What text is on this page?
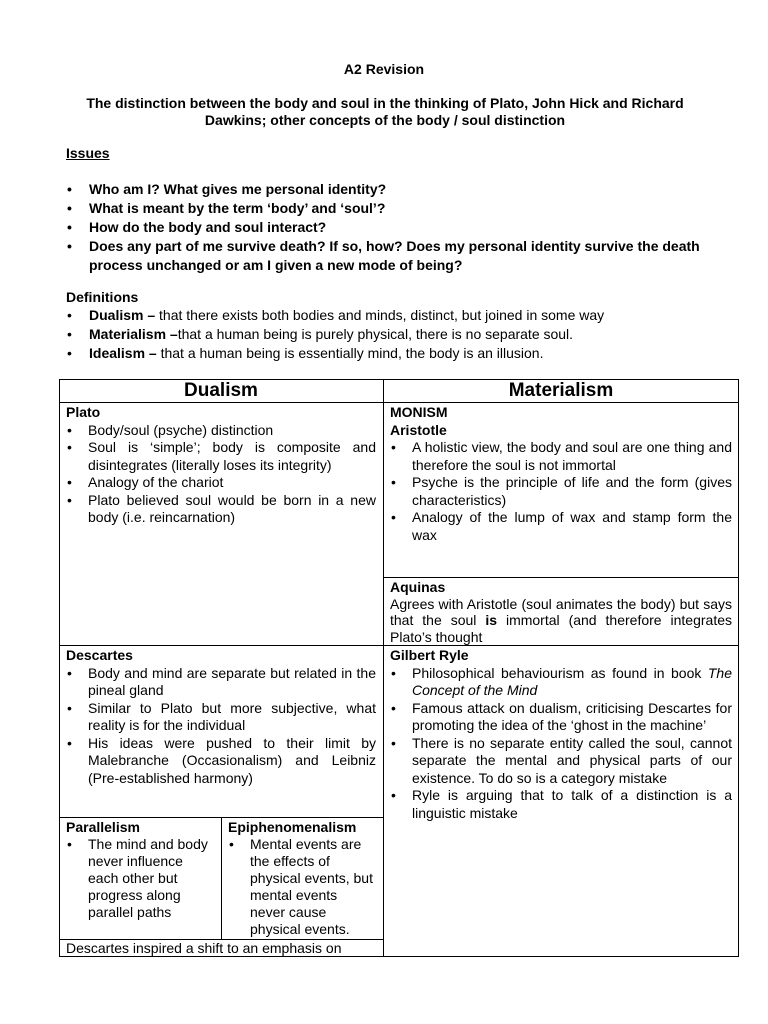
A2 Revision
The distinction between the body and soul in the thinking of Plato, John Hick and Richard Dawkins; other concepts of the body / soul distinction
Issues
• Who am I? What gives me personal identity?
• What is meant by the term ‘body’ and ‘soul’?
• How do the body and soul interact?
• Does any part of me survive death? If so, how? Does my personal identity survive the death process unchanged or am I given a new mode of being?
Definitions
• Dualism – that there exists both bodies and minds, distinct, but joined in some way
• Materialism –that a human being is purely physical, there is no separate soul.
• Idealism – that a human being is essentially mind, the body is an illusion.
Dualism	Materialism
Plato
• Body/soul (psyche) distinction
• Soul is ‘simple’; body is composite and disintegrates (literally loses its integrity)
• Analogy of the chariot
• Plato believed soul would be born in a new body (i.e. reincarnation)
MONISM
Aristotle
• A holistic view, the body and soul are one thing and therefore the soul is not immortal
• Psyche is the principle of life and the form (gives characteristics)
• Analogy of the lump of wax and stamp form the wax
Aquinas
Agrees with Aristotle (soul animates the body) but says that the soul is immortal (and therefore integrates Plato’s thought
Descartes
• Body and mind are separate but related in the pineal gland
• Similar to Plato but more subjective, what reality is for the individual
• His ideas were pushed to their limit by Malebranche (Occasionalism) and Leibniz (Pre-established harmony)
Gilbert Ryle
• Philosophical behaviourism as found in book The Concept of the Mind
• Famous attack on dualism, criticising Descartes for promoting the idea of the ‘ghost in the machine’
• There is no separate entity called the soul, cannot separate the mental and physical parts of our existence. To do so is a category mistake
• Ryle is arguing that to talk of a distinction is a linguistic mistake
Parallelism
• The mind and body never influence each other but progress along parallel paths
Epiphenomenalism
• Mental events are the effects of physical events, but mental events never cause physical events.
Descartes inspired a shift to an emphasis on
